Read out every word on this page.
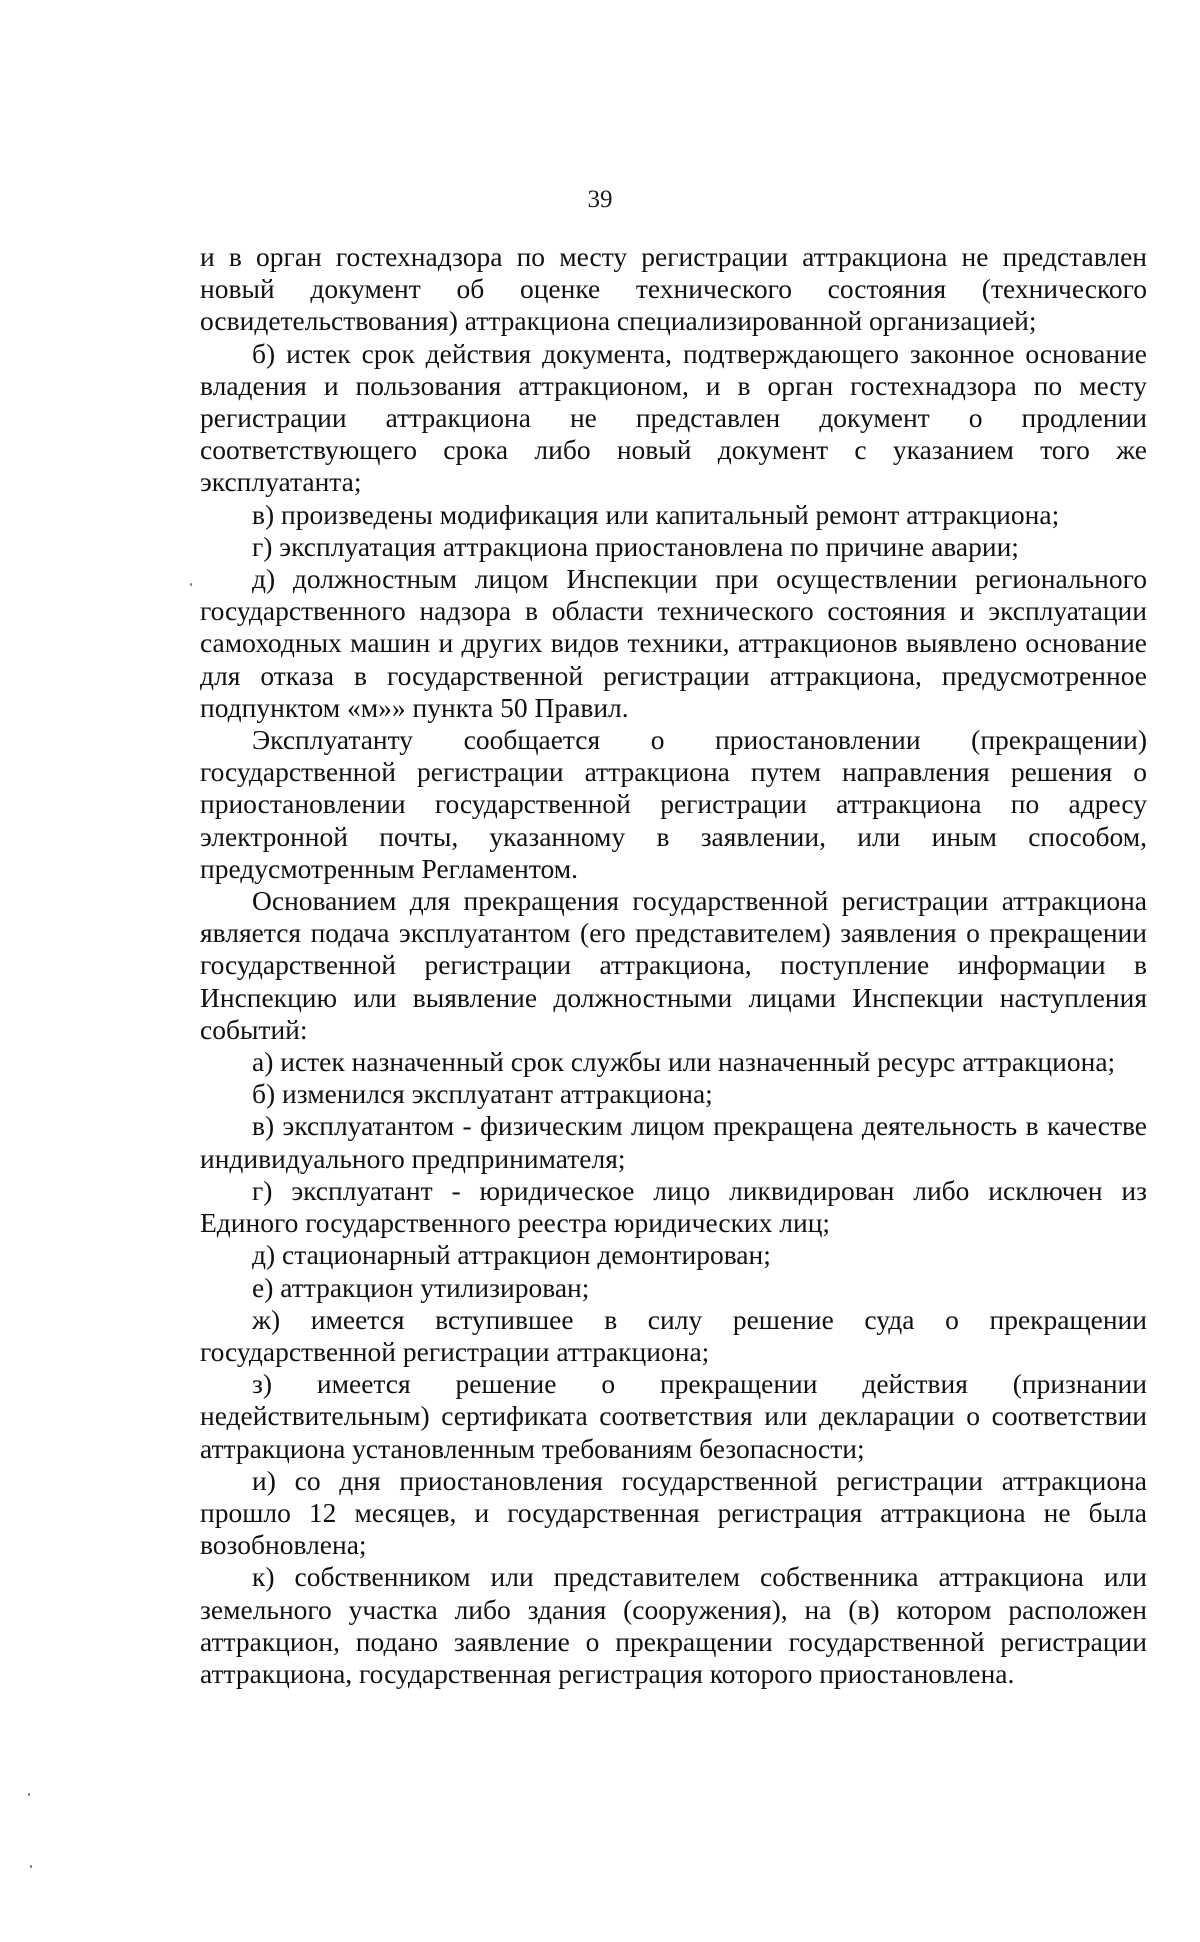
39

и в орган гостехнадзора по месту регистрации аттракциона не представлен новый документ об оценке технического состояния (технического освидетельствования) аттракциона специализированной организацией;

б) истек срок действия документа, подтверждающего законное основание владения и пользования аттракционом, и в орган гостехнадзора по месту регистрации аттракциона не представлен документ о продлении соответствующего срока либо новый документ с указанием того же эксплуатанта;

в) произведены модификация или капитальный ремонт аттракциона;

г) эксплуатация аттракциона приостановлена по причине аварии;

д) должностным лицом Инспекции при осуществлении регионального государственного надзора в области технического состояния и эксплуатации самоходных машин и других видов техники, аттракционов выявлено основание для отказа в государственной регистрации аттракциона, предусмотренное подпунктом «м»» пункта 50 Правил.

Эксплуатанту сообщается о приостановлении (прекращении) государственной регистрации аттракциона путем направления решения о приостановлении государственной регистрации аттракциона по адресу электронной почты, указанному в заявлении, или иным способом, предусмотренным Регламентом.

Основанием для прекращения государственной регистрации аттракциона является подача эксплуатантом (его представителем) заявления о прекращении государственной регистрации аттракциона, поступление информации в Инспекцию или выявление должностными лицами Инспекции наступления событий:

а) истек назначенный срок службы или назначенный ресурс аттракциона;

б) изменился эксплуатант аттракциона;

в) эксплуатантом - физическим лицом прекращена деятельность в качестве индивидуального предпринимателя;

г) эксплуатант - юридическое лицо ликвидирован либо исключен из Единого государственного реестра юридических лиц;

д) стационарный аттракцион демонтирован;

е) аттракцион утилизирован;

ж) имеется вступившее в силу решение суда о прекращении государственной регистрации аттракциона;

з) имеется решение о прекращении действия (признании недействительным) сертификата соответствия или декларации о соответствии аттракциона установленным требованиям безопасности;

и) со дня приостановления государственной регистрации аттракциона прошло 12 месяцев, и государственная регистрация аттракциона не была возобновлена;

к) собственником или представителем собственника аттракциона или земельного участка либо здания (сооружения), на (в) котором расположен аттракцион, подано заявление о прекращении государственной регистрации аттракциона, государственная регистрация которого приостановлена.
